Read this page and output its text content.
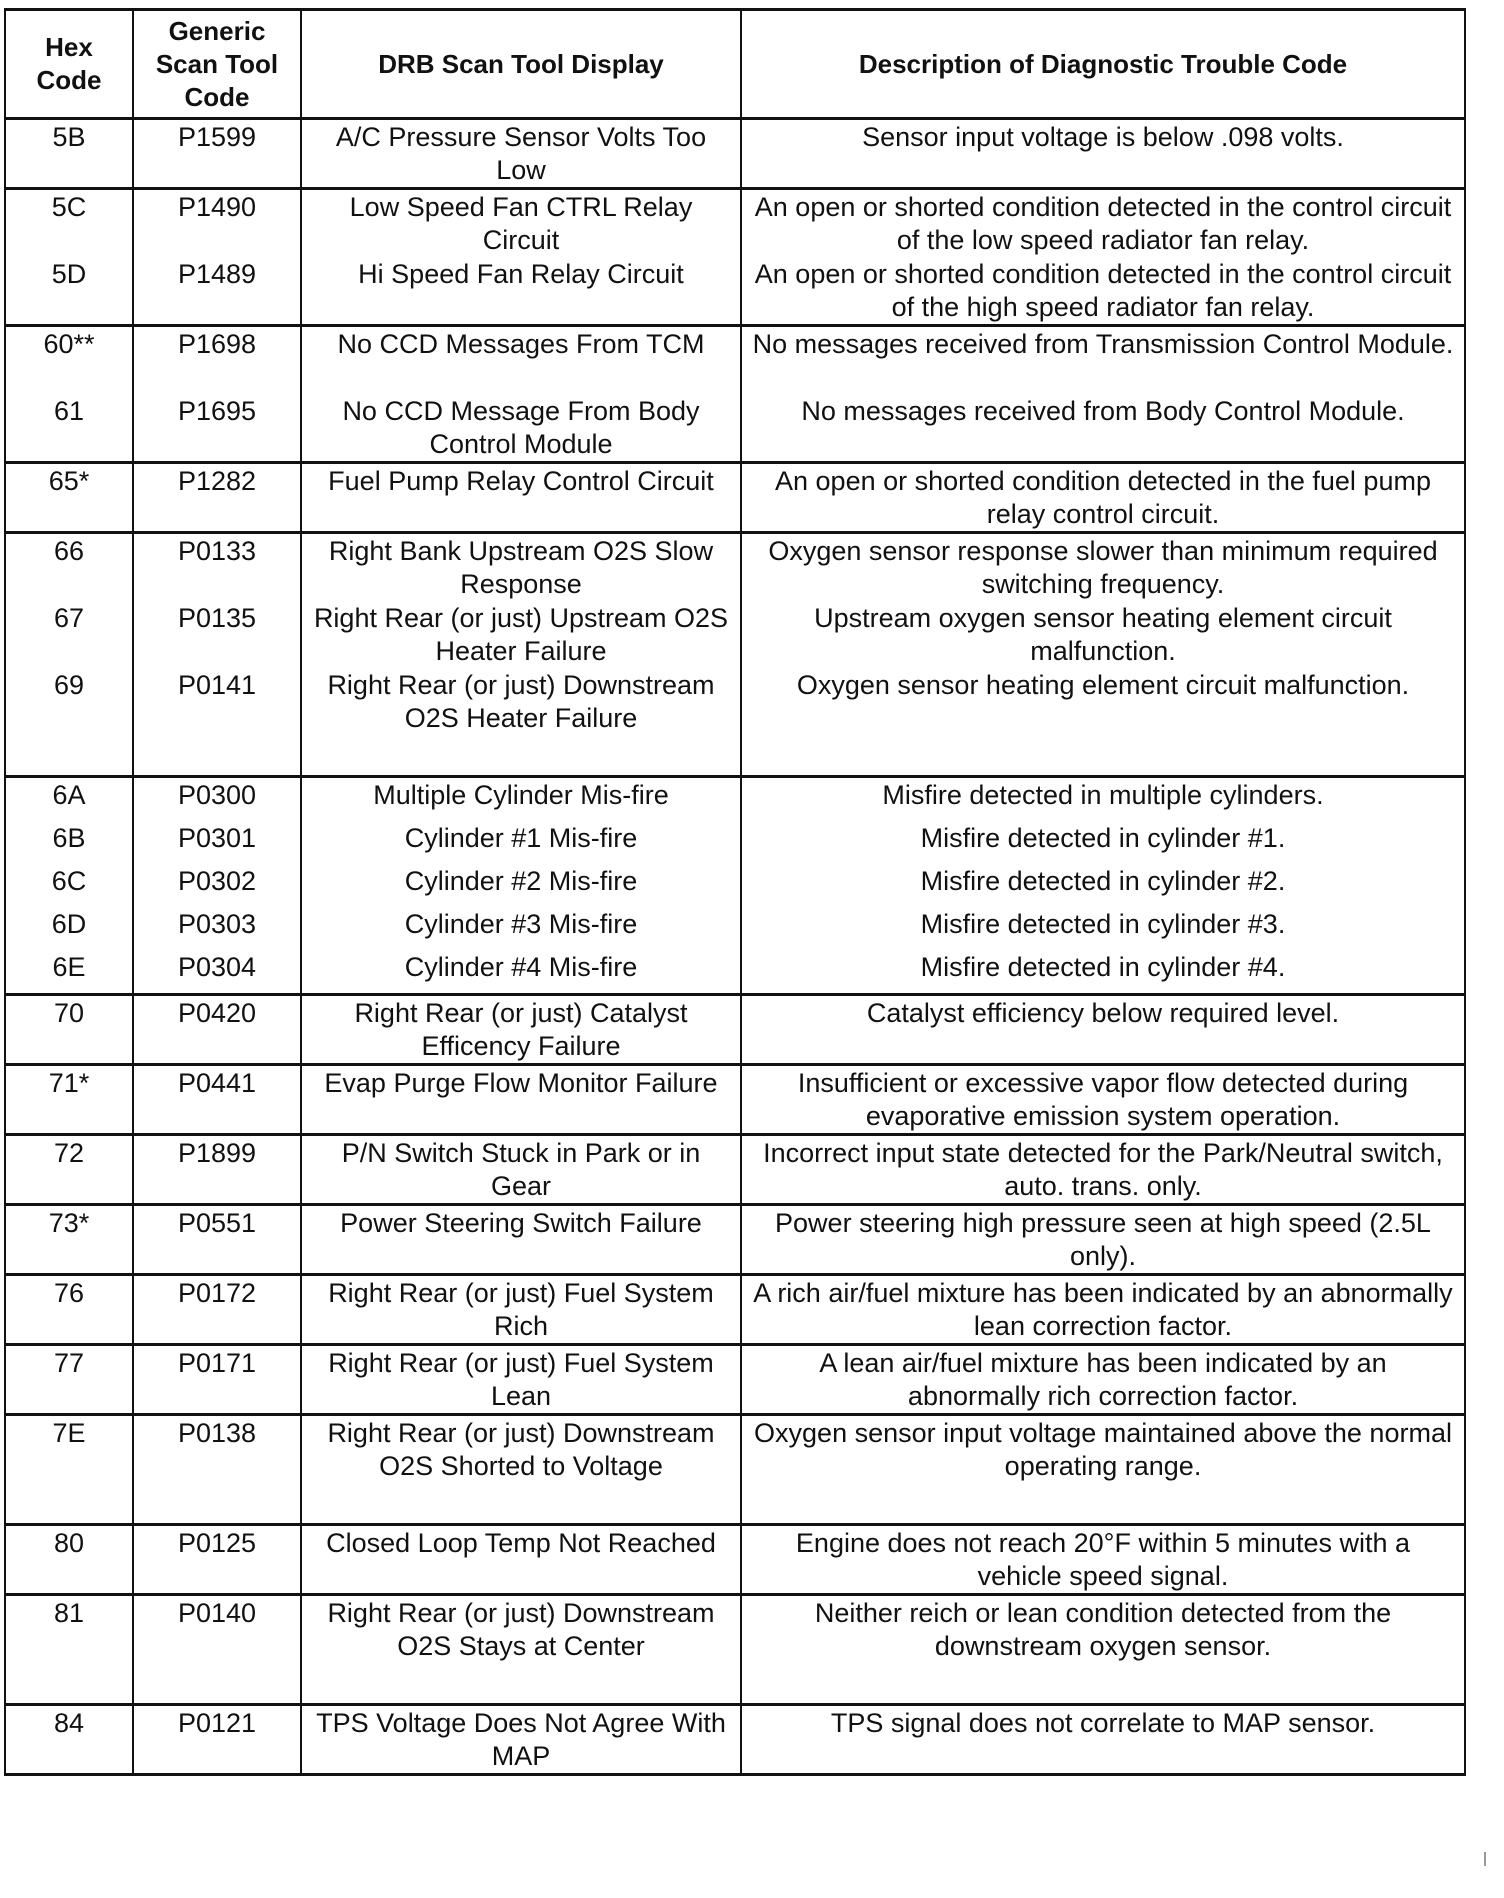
Hex Code	Generic Scan Tool Code	DRB Scan Tool Display	Description of Diagnostic Trouble Code
5B	P1599	A/C Pressure Sensor Volts Too Low	Sensor input voltage is below .098 volts.
5C	P1490	Low Speed Fan CTRL Relay Circuit	An open or shorted condition detected in the control circuit of the low speed radiator fan relay.
5D	P1489	Hi Speed Fan Relay Circuit	An open or shorted condition detected in the control circuit of the high speed radiator fan relay.
60**	P1698	No CCD Messages From TCM	No messages received from Transmission Control Module.
61	P1695	No CCD Message From Body Control Module	No messages received from Body Control Module.
65*	P1282	Fuel Pump Relay Control Circuit	An open or shorted condition detected in the fuel pump relay control circuit.
66	P0133	Right Bank Upstream O2S Slow Response	Oxygen sensor response slower than minimum required switching frequency.
67	P0135	Right Rear (or just) Upstream O2S Heater Failure	Upstream oxygen sensor heating element circuit malfunction.
69	P0141	Right Rear (or just) Downstream O2S Heater Failure	Oxygen sensor heating element circuit malfunction.
6A	P0300	Multiple Cylinder Mis-fire	Misfire detected in multiple cylinders.
6B	P0301	Cylinder #1 Mis-fire	Misfire detected in cylinder #1.
6C	P0302	Cylinder #2 Mis-fire	Misfire detected in cylinder #2.
6D	P0303	Cylinder #3 Mis-fire	Misfire detected in cylinder #3.
6E	P0304	Cylinder #4 Mis-fire	Misfire detected in cylinder #4.
70	P0420	Right Rear (or just) Catalyst Efficency Failure	Catalyst efficiency below required level.
71*	P0441	Evap Purge Flow Monitor Failure	Insufficient or excessive vapor flow detected during evaporative emission system operation.
72	P1899	P/N Switch Stuck in Park or in Gear	Incorrect input state detected for the Park/Neutral switch, auto. trans. only.
73*	P0551	Power Steering Switch Failure	Power steering high pressure seen at high speed (2.5L only).
76	P0172	Right Rear (or just) Fuel System Rich	A rich air/fuel mixture has been indicated by an abnormally lean correction factor.
77	P0171	Right Rear (or just) Fuel System Lean	A lean air/fuel mixture has been indicated by an abnormally rich correction factor.
7E	P0138	Right Rear (or just) Downstream O2S Shorted to Voltage	Oxygen sensor input voltage maintained above the normal operating range.
80	P0125	Closed Loop Temp Not Reached	Engine does not reach 20°F within 5 minutes with a vehicle speed signal.
81	P0140	Right Rear (or just) Downstream O2S Stays at Center	Neither reich or lean condition detected from the downstream oxygen sensor.
84	P0121	TPS Voltage Does Not Agree With MAP	TPS signal does not correlate to MAP sensor.
